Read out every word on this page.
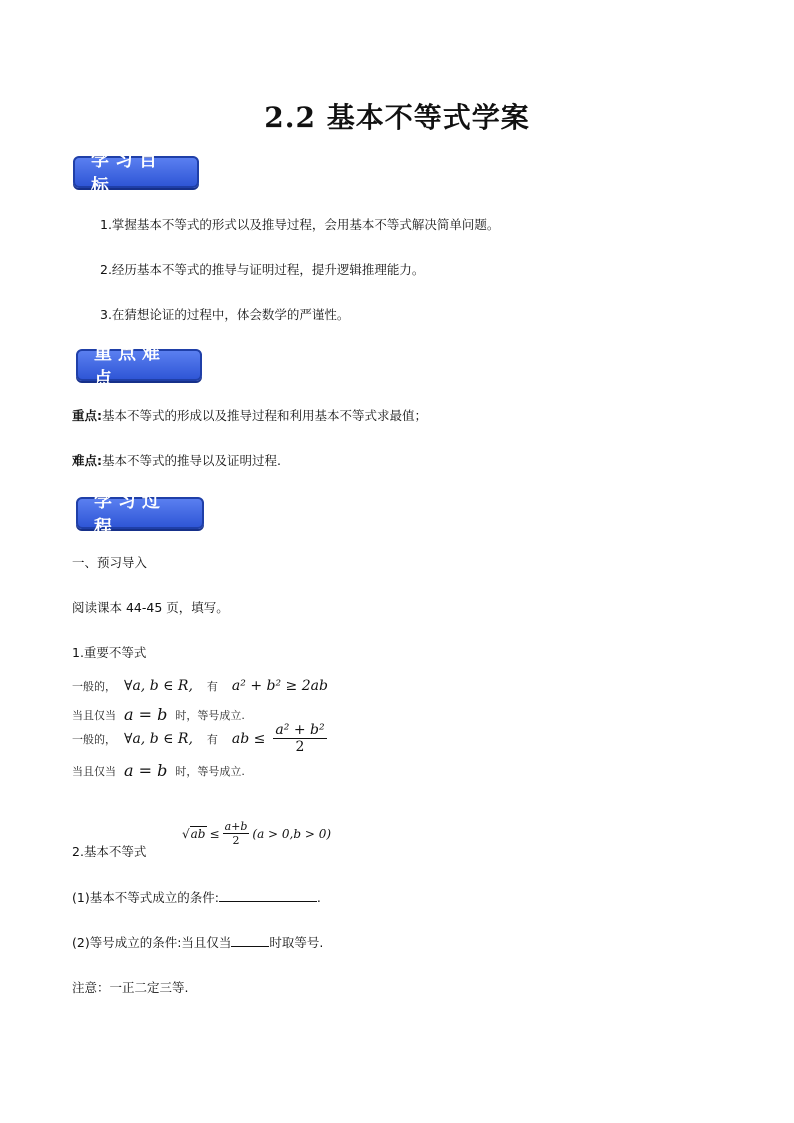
2.2 基本不等式学案
学习目标
1.掌握基本不等式的形式以及推导过程，会用基本不等式解决简单问题。
2.经历基本不等式的推导与证明过程，提升逻辑推理能力。
3.在猜想论证的过程中，体会数学的严谨性。
重点难点
重点:基本不等式的形成以及推导过程和利用基本不等式求最值；
难点:基本不等式的推导以及证明过程.
学习过程
一、预习导入
阅读课本 44-45 页，填写。
1.重要不等式
一般的， ∀a, b ∈ R, 有 a² + b² ≥ 2ab
当且仅当 a = b 时，等号成立.
一般的， ∀a, b ∈ R, 有 ab ≤ $\frac{\text{a² + b²}}{2}$
当且仅当 a = b 时，等号成立.
$√ab \le \frac{a+b}{2} (a > 0,b > 0)$
2.基本不等式
(1)基本不等式成立的条件:	.
(2)等号成立的条件:当且仅当	时取等号.
注意：一正二定三等.
